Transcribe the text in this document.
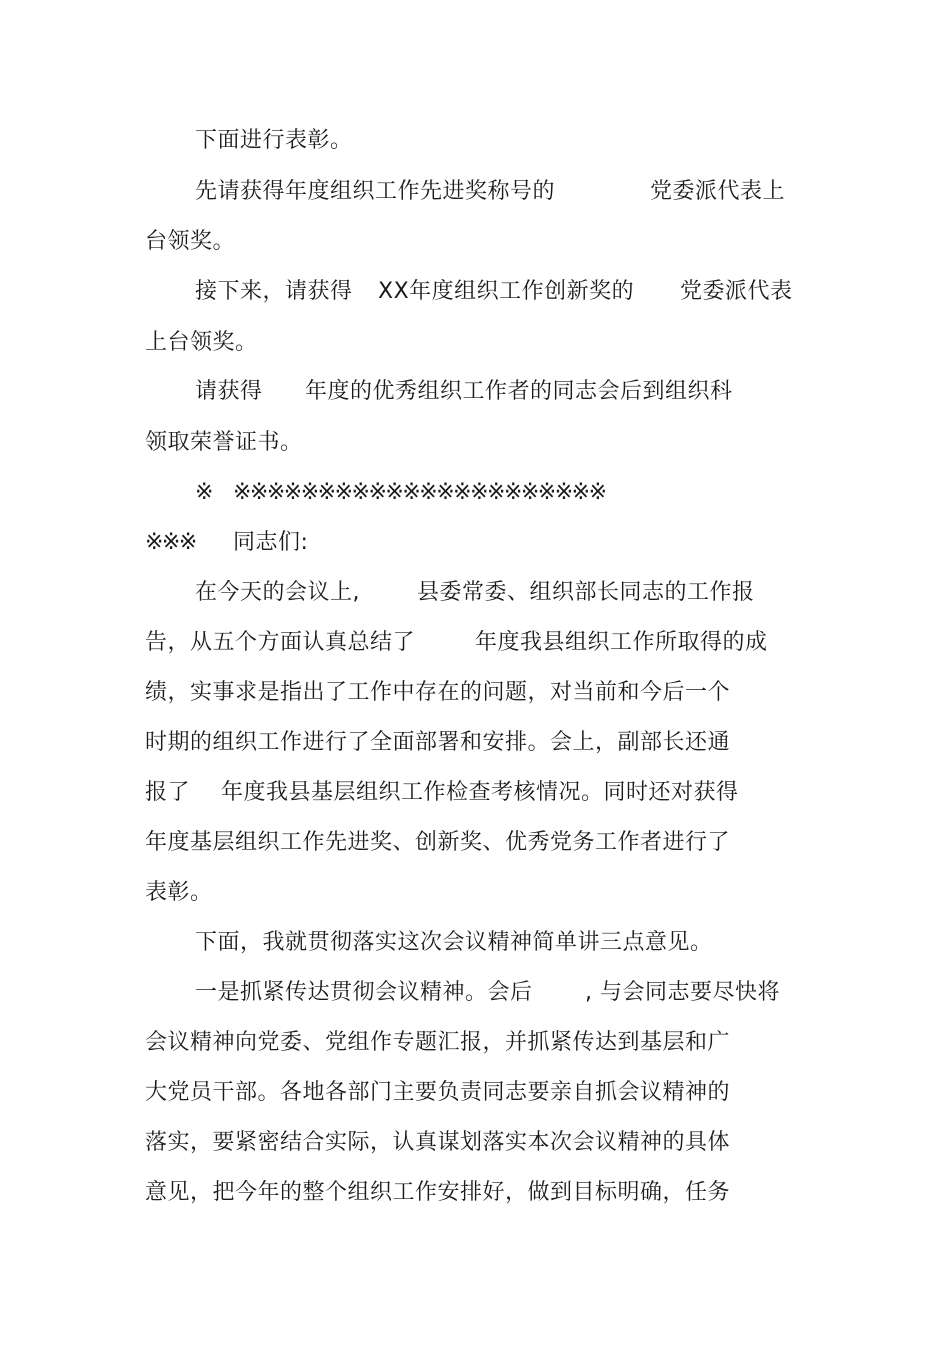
下面进行表彰。
先请获得年度组织工作先进奖称号的	党委派代表上
台领奖。
接下来，请获得 XX年度组织工作创新奖的 党委派代表
上台领奖。
请获得 年度的优秀组织工作者的同志会后到组织科
领取荣誉证书。
※ ※※※※※※※※※※※※※※※※※※※※※※
※※※ 同志们:
在今天的会议上,	县委常委、组织部长同志的工作报
告，从五个方面认真总结了	年度我县组织工作所取得的成
绩，实事求是指出了工作中存在的问题，对当前和今后一个
时期的组织工作进行了全面部署和安排。会上，副部长还通
报了 年度我县基层组织工作检查考核情况。同时还对获得
年度基层组织工作先进奖、创新奖、优秀党务工作者进行了
表彰。
下面，我就贯彻落实这次会议精神简单讲三点意见。
一是抓紧传达贯彻会议精神。会后 , 与会同志要尽快将
会议精神向党委、党组作专题汇报，并抓紧传达到基层和广
大党员干部。各地各部门主要负责同志要亲自抓会议精神的
落实，要紧密结合实际，认真谋划落实本次会议精神的具体
意见，把今年的整个组织工作安排好，做到目标明确，任务
